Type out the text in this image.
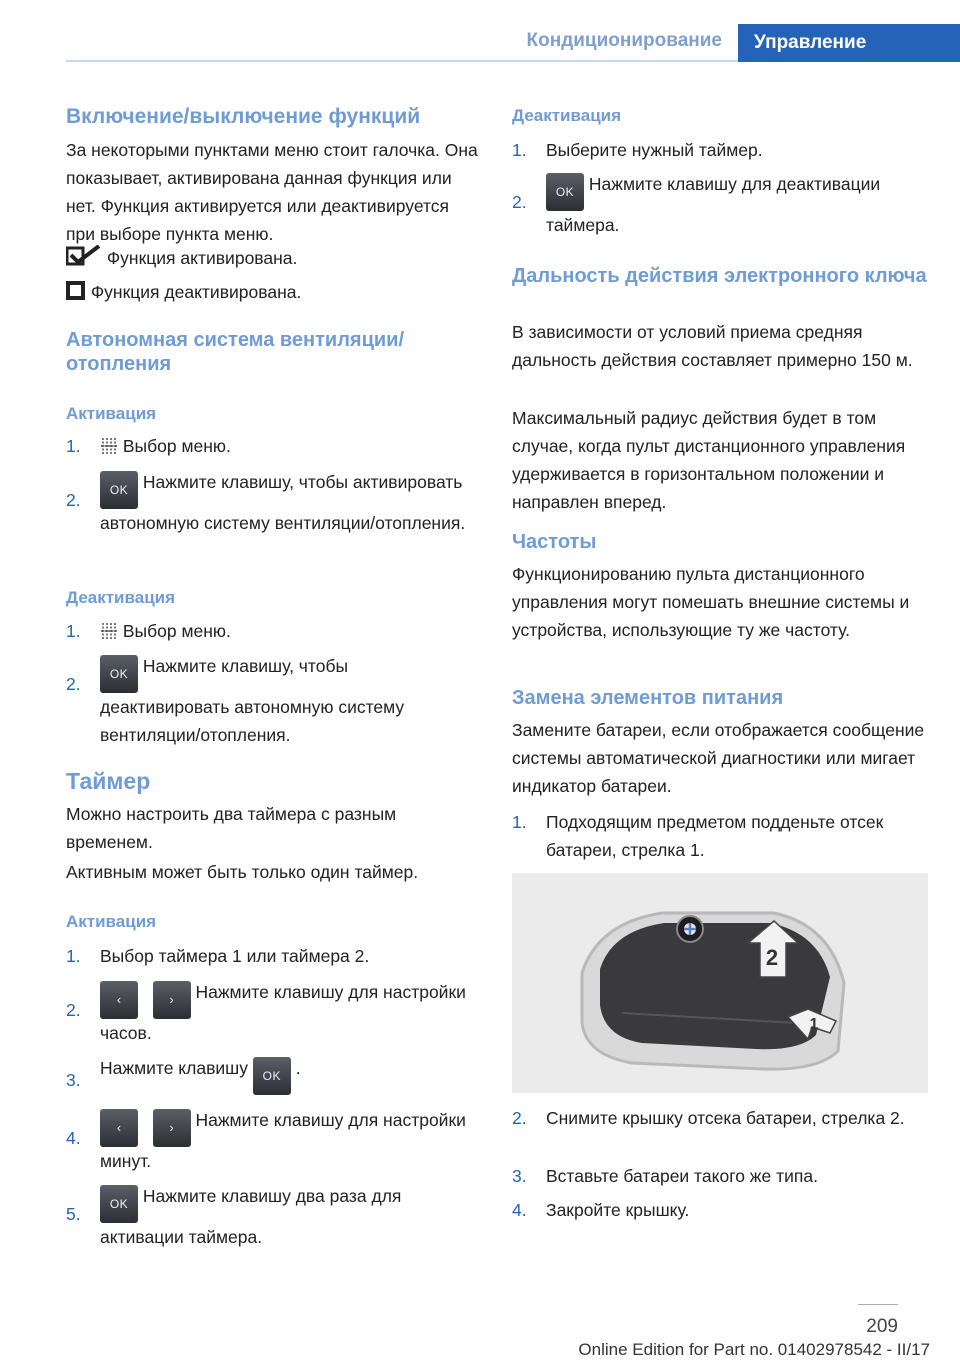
Кондиционирование	Управление
Включение/выключение функций
За некоторыми пунктами меню стоит галочка. Она показывает, активирована данная функция или нет. Функция активируется или деактивируется при выборе пункта меню.
Функция активирована.
Функция деактивирована.
Автономная система вентиляции/отопления
Активация
1.	Выбор меню.
2.
OK Нажмите клавишу, чтобы активировать автономную систему вентиляции/отопления.
Деактивация
1.	Выбор меню.
2.
OK Нажмите клавишу, чтобы деактивировать автономную систему вентиляции/отопления.
Таймер
Можно настроить два таймера с разным временем.
Активным может быть только один таймер.
Активация
1. Выбор таймера 1 или таймера 2.
2.
‹	› Нажмите клавишу для настройки часов.
3.
Нажмите клавишу OK	.
4.
‹	› Нажмите клавишу для настройки минут.
5.
OK Нажмите клавишу два раза для активации таймера.
Деактивация
1. Выберите нужный таймер.
2.
OK Нажмите клавишу для деактивации таймера.
Дальность действия электронного ключа
В зависимости от условий приема средняя дальность действия составляет примерно 150 м.
Максимальный радиус действия будет в том случае, когда пульт дистанционного управления удерживается в горизонтальном положении и направлен вперед.
Частоты
Функционированию пульта дистанционного управления могут помешать внешние системы и устройства, использующие ту же частоту.
Замена элементов питания
Замените батареи, если отображается сообщение системы автоматической диагностики или мигает индикатор батареи.
1. Подходящим предметом подденьте отсек батареи, стрелка 1.
2
1
2. Снимите крышку отсека батареи, стрелка 2.
3. Вставьте батареи такого же типа.
4. Закройте крышку.
209
Online Edition for Part no. 01402978542 - II/17
